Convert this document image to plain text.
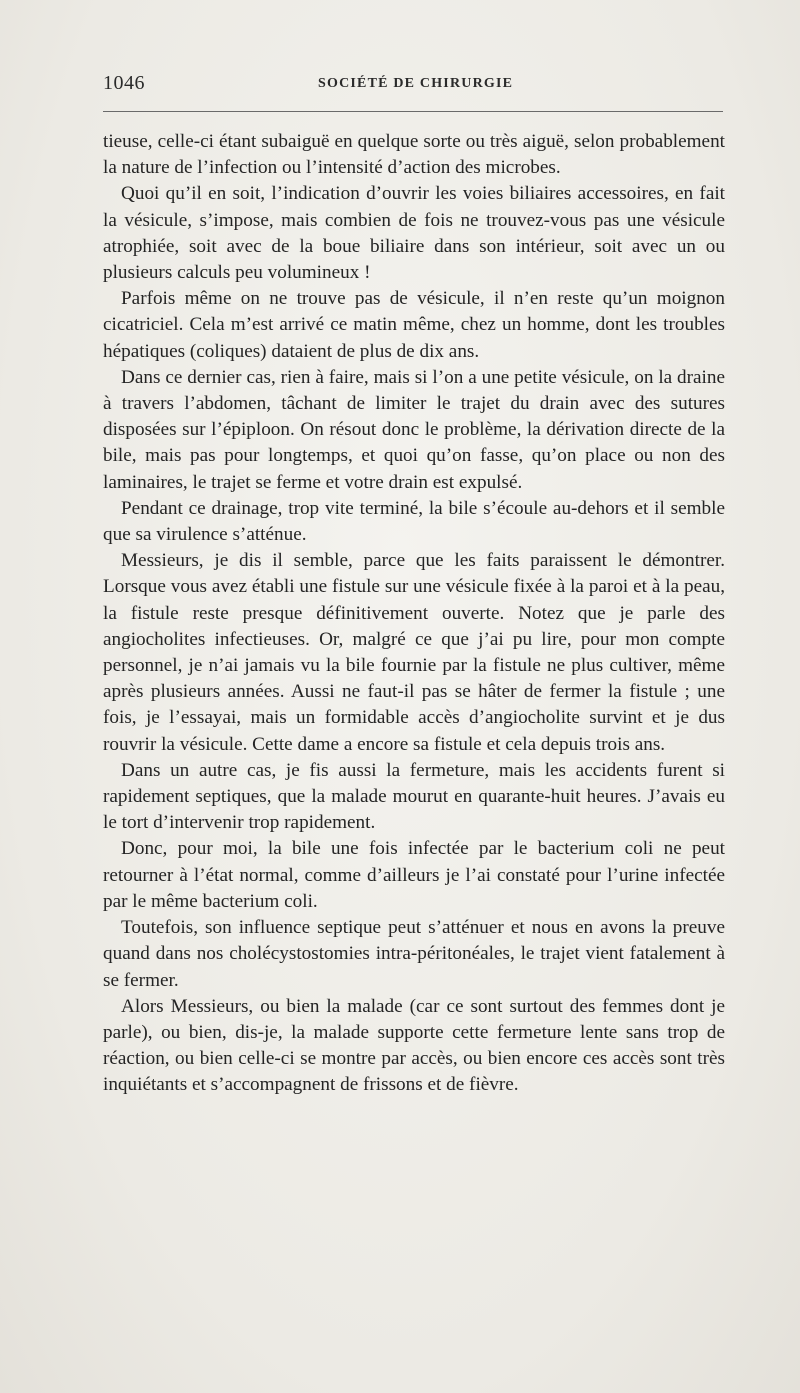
1046	SOCIÉTÉ DE CHIRURGIE

tieuse, celle-ci étant subaiguë en quelque sorte ou très aiguë, selon probablement la nature de l’infection ou l’intensité d’action des microbes.

Quoi qu’il en soit, l’indication d’ouvrir les voies biliaires accessoires, en fait la vésicule, s’impose, mais combien de fois ne trouvez-vous pas une vésicule atrophiée, soit avec de la boue biliaire dans son intérieur, soit avec un ou plusieurs calculs peu volumineux !

Parfois même on ne trouve pas de vésicule, il n’en reste qu’un moignon cicatriciel. Cela m’est arrivé ce matin même, chez un homme, dont les troubles hépatiques (coliques) dataient de plus de dix ans.

Dans ce dernier cas, rien à faire, mais si l’on a une petite vésicule, on la draine à travers l’abdomen, tâchant de limiter le trajet du drain avec des sutures disposées sur l’épiploon. On résout donc le problème, la dérivation directe de la bile, mais pas pour longtemps, et quoi qu’on fasse, qu’on place ou non des laminaires, le trajet se ferme et votre drain est expulsé.

Pendant ce drainage, trop vite terminé, la bile s’écoule au-dehors et il semble que sa virulence s’atténue.

Messieurs, je dis il semble, parce que les faits paraissent le démontrer. Lorsque vous avez établi une fistule sur une vésicule fixée à la paroi et à la peau, la fistule reste presque définitivement ouverte. Notez que je parle des angiocholites infectieuses. Or, malgré ce que j’ai pu lire, pour mon compte personnel, je n’ai jamais vu la bile fournie par la fistule ne plus cultiver, même après plusieurs années. Aussi ne faut-il pas se hâter de fermer la fistule ; une fois, je l’essayai, mais un formidable accès d’angiocholite survint et je dus rouvrir la vésicule. Cette dame a encore sa fistule et cela depuis trois ans.

Dans un autre cas, je fis aussi la fermeture, mais les accidents furent si rapidement septiques, que la malade mourut en quarante-huit heures. J’avais eu le tort d’intervenir trop rapidement.

Donc, pour moi, la bile une fois infectée par le bacterium coli ne peut retourner à l’état normal, comme d’ailleurs je l’ai constaté pour l’urine infectée par le même bacterium coli.

Toutefois, son influence septique peut s’atténuer et nous en avons la preuve quand dans nos cholécystostomies intra-péritonéales, le trajet vient fatalement à se fermer.

Alors Messieurs, ou bien la malade (car ce sont surtout des femmes dont je parle), ou bien, dis-je, la malade supporte cette fermeture lente sans trop de réaction, ou bien celle-ci se montre par accès, ou bien encore ces accès sont très inquiétants et s’accompagnent de frissons et de fièvre.
